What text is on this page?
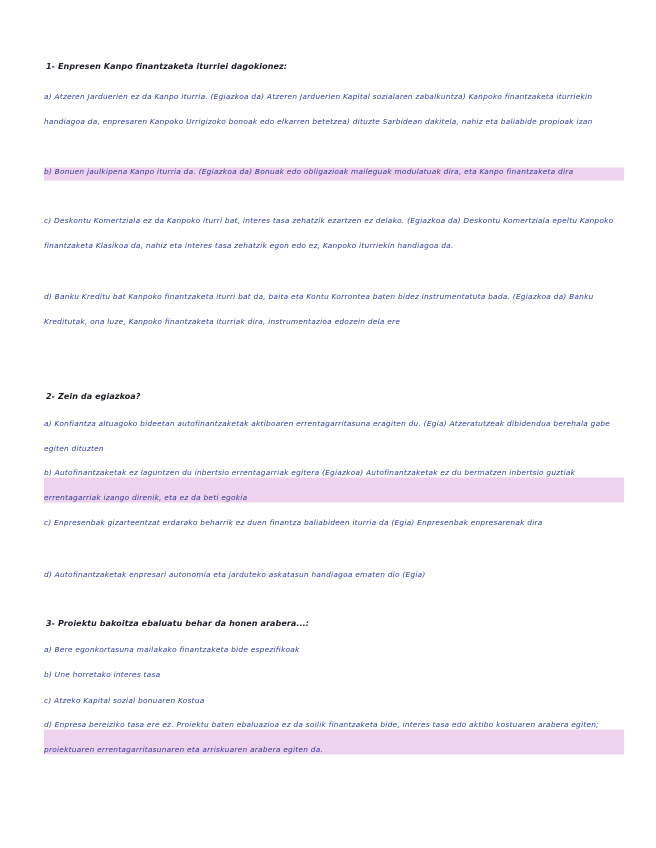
1- Enpresen Kanpo finantzaketa iturriei dagokionez:
a) Atzeren Jarduerien ez da Kanpo iturria. (Egiazkoa da) Atzeren Jarduerien Kapital sozialaren zabalkuntza) Kanpoko finantzaketa iturriekin handiagoa da, enpresaren Kanpoko Urrigizoko bonoak edo elkarren betetzea) dituzte Sarbidean dakitela, nahiz eta baliabide propioak izan
b) Bonuen jaulkipena Kanpo iturria da. (Egiazkoa da) Bonuak edo obligazioak maileguak modulatuak dira, eta Kanpo finantzaketa dira
c) Deskontu Komertziala ez da Kanpoko iturri bat, interes tasa zehatzik ezartzen ez delako. (Egiazkoa da) Deskontu Komertziala epeltu Kanpoko finantzaketa Klasikoa da, nahiz eta interes tasa zehatzik egon edo ez, Kanpoko iturriekin handiagoa da.
d) Banku Kreditu bat Kanpoko finantzaketa iturri bat da, baita eta Kontu Korrontea baten bidez instrumentatuta bada. (Egiazkoa da) Banku Kreditutak, ona luze, Kanpoko finantzaketa iturriak dira, instrumentazioa edozein dela ere
2- Zein da egiazkoa?
a) Konfiantza altuagoko bideetan autofinantzaketak aktiboaren errentagarritasuna eragiten du. (Egia) Atzeratutzeak dibidendua berehala gabe egiten dituzten
b) Autofinantzaketak ez laguntzen du inbertsio errentagarriak egitera (Egiazkoa) Autofinantzaketak ez du bermatzen inbertsio guztiak errentagarriak izango direnik, eta ez da beti egokia
c) Enpresenbak gizarteentzat erdarako beharrik ez duen finantza baliabideen iturria da (Egia) Enpresenbak enpresarenak dira
d) Autofinantzaketak enpresari autonomia eta jarduteko askatasun handiagoa ematen dio (Egia)
3- Proiektu bakoitza ebaluatu behar da honen arabera...:
a) Bere egonkortasuna mailakako finantzaketa bide espezifikoak
b) Une horretako interes tasa
c) Atzeko Kapital sozial bonuaren Kostua
d) Enpresa bereiziko tasa ere ez. Proiektu baten ebaluazioa ez da soilik finantzaketa bide, interes tasa edo aktibo kostuaren arabera egiten; proiektuaren errentagarritasunaren eta arriskuaren arabera egiten da.
